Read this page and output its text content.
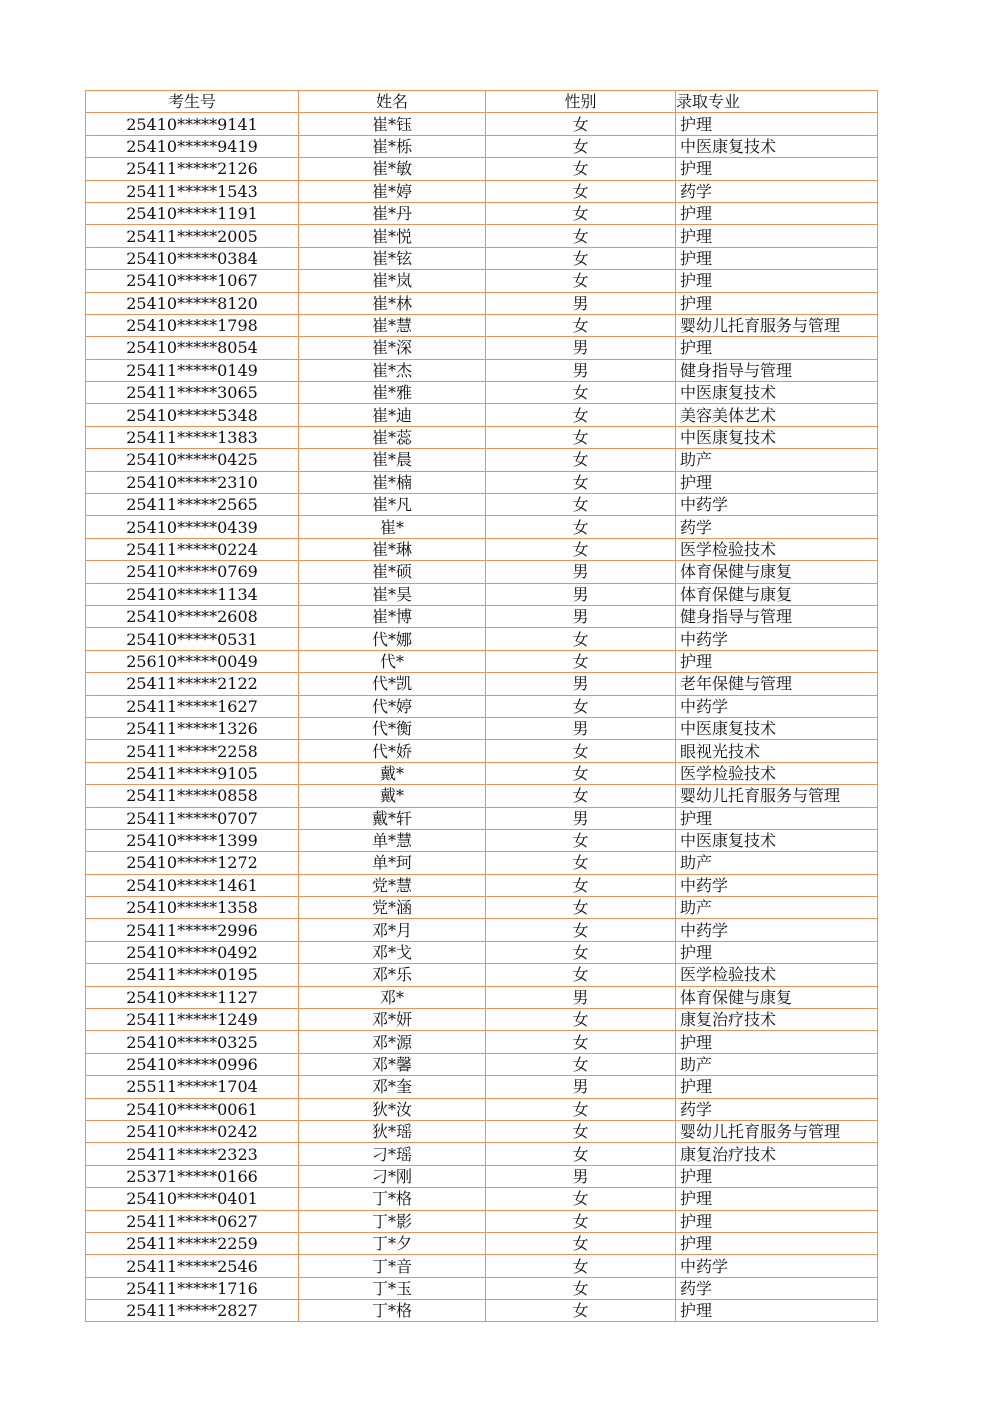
考生号	姓名	性别	录取专业
25410*****9141	崔*钰	女	护理
25410*****9419	崔*栎	女	中医康复技术
25411*****2126	崔*敏	女	护理
25411*****1543	崔*婷	女	药学
25410*****1191	崔*丹	女	护理
25411*****2005	崔*悦	女	护理
25410*****0384	崔*铉	女	护理
25410*****1067	崔*岚	女	护理
25410*****8120	崔*林	男	护理
25410*****1798	崔*慧	女	婴幼儿托育服务与管理
25410*****8054	崔*深	男	护理
25411*****0149	崔*杰	男	健身指导与管理
25411*****3065	崔*雅	女	中医康复技术
25410*****5348	崔*迪	女	美容美体艺术
25411*****1383	崔*蕊	女	中医康复技术
25410*****0425	崔*晨	女	助产
25410*****2310	崔*楠	女	护理
25411*****2565	崔*凡	女	中药学
25410*****0439	崔*	女	药学
25411*****0224	崔*琳	女	医学检验技术
25410*****0769	崔*硕	男	体育保健与康复
25410*****1134	崔*昊	男	体育保健与康复
25410*****2608	崔*博	男	健身指导与管理
25410*****0531	代*娜	女	中药学
25610*****0049	代*	女	护理
25411*****2122	代*凯	男	老年保健与管理
25411*****1627	代*婷	女	中药学
25411*****1326	代*衡	男	中医康复技术
25411*****2258	代*娇	女	眼视光技术
25411*****9105	戴*	女	医学检验技术
25411*****0858	戴*	女	婴幼儿托育服务与管理
25411*****0707	戴*轩	男	护理
25410*****1399	单*慧	女	中医康复技术
25410*****1272	单*珂	女	助产
25410*****1461	党*慧	女	中药学
25410*****1358	党*涵	女	助产
25411*****2996	邓*月	女	中药学
25410*****0492	邓*戈	女	护理
25411*****0195	邓*乐	女	医学检验技术
25410*****1127	邓*	男	体育保健与康复
25411*****1249	邓*妍	女	康复治疗技术
25410*****0325	邓*源	女	护理
25410*****0996	邓*馨	女	助产
25511*****1704	邓*奎	男	护理
25410*****0061	狄*汝	女	药学
25410*****0242	狄*瑶	女	婴幼儿托育服务与管理
25411*****2323	刁*瑶	女	康复治疗技术
25371*****0166	刁*刚	男	护理
25410*****0401	丁*格	女	护理
25411*****0627	丁*影	女	护理
25411*****2259	丁*夕	女	护理
25411*****2546	丁*音	女	中药学
25411*****1716	丁*玉	女	药学
25411*****2827	丁*格	女	护理
